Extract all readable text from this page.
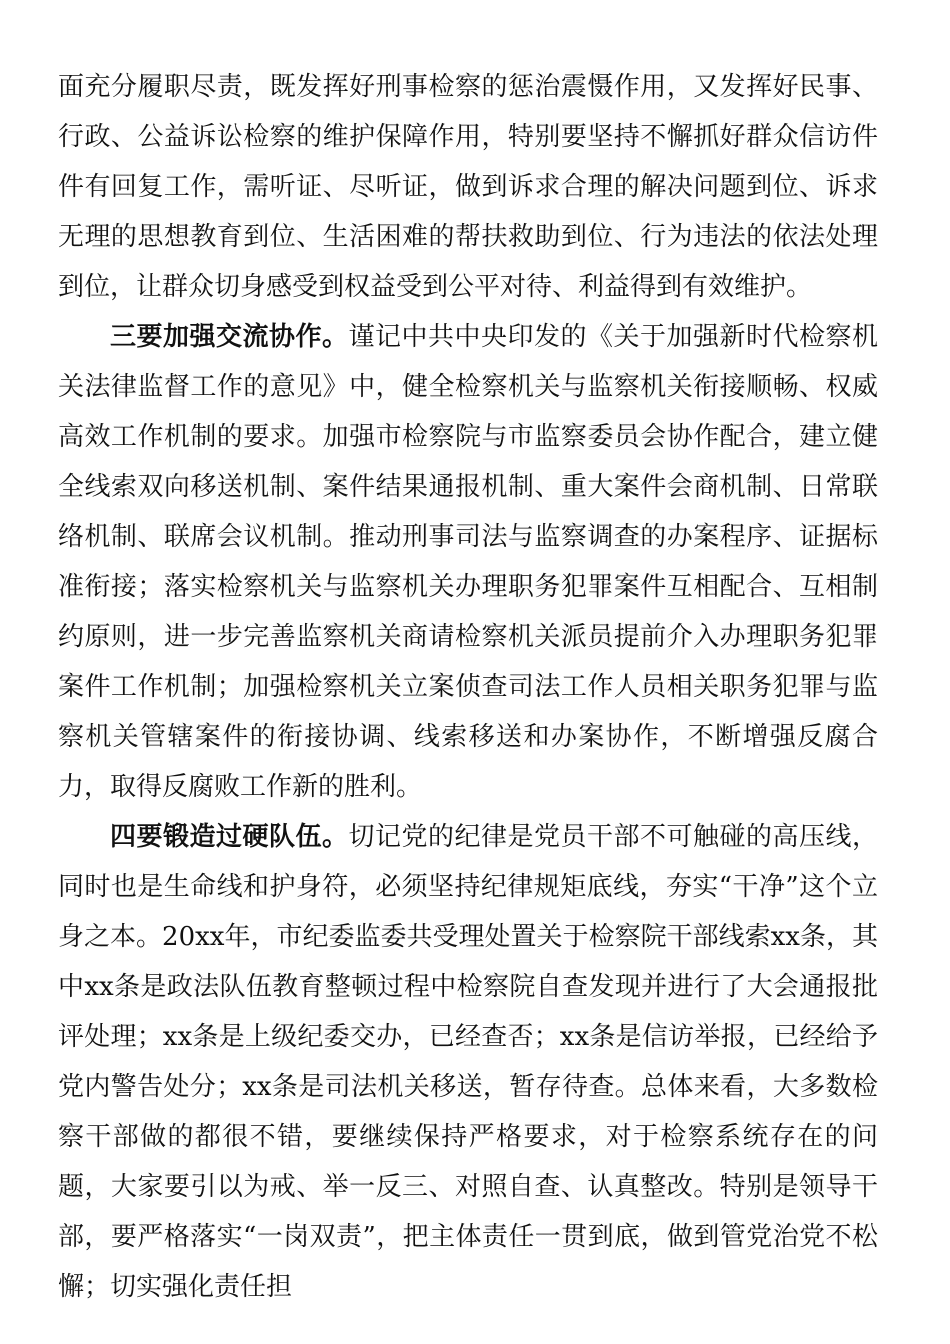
面充分履职尽责，既发挥好刑事检察的惩治震慑作用，又发挥好民事、行政、公益诉讼检察的维护保障作用，特别要坚持不懈抓好群众信访件件有回复工作，需听证、尽听证，做到诉求合理的解决问题到位、诉求无理的思想教育到位、生活困难的帮扶救助到位、行为违法的依法处理到位，让群众切身感受到权益受到公平对待、利益得到有效维护。

三要加强交流协作。谨记中共中央印发的《关于加强新时代检察机关法律监督工作的意见》中，健全检察机关与监察机关衔接顺畅、权威高效工作机制的要求。加强市检察院与市监察委员会协作配合，建立健全线索双向移送机制、案件结果通报机制、重大案件会商机制、日常联络机制、联席会议机制。推动刑事司法与监察调查的办案程序、证据标准衔接；落实检察机关与监察机关办理职务犯罪案件互相配合、互相制约原则，进一步完善监察机关商请检察机关派员提前介入办理职务犯罪案件工作机制；加强检察机关立案侦查司法工作人员相关职务犯罪与监察机关管辖案件的衔接协调、线索移送和办案协作，不断增强反腐合力，取得反腐败工作新的胜利。

四要锻造过硬队伍。切记党的纪律是党员干部不可触碰的高压线，同时也是生命线和护身符，必须坚持纪律规矩底线，夯实“干净”这个立身之本。20xx年，市纪委监委共受理处置关于检察院干部线索xx条，其中xx条是政法队伍教育整顿过程中检察院自查发现并进行了大会通报批评处理；xx条是上级纪委交办，已经查否；xx条是信访举报，已经给予党内警告处分；xx条是司法机关移送，暂存待查。总体来看，大多数检察干部做的都很不错，要继续保持严格要求，对于检察系统存在的问题，大家要引以为戒、举一反三、对照自查、认真整改。特别是领导干部，要严格落实“一岗双责”，把主体责任一贯到底，做到管党治党不松懈；切实强化责任担
